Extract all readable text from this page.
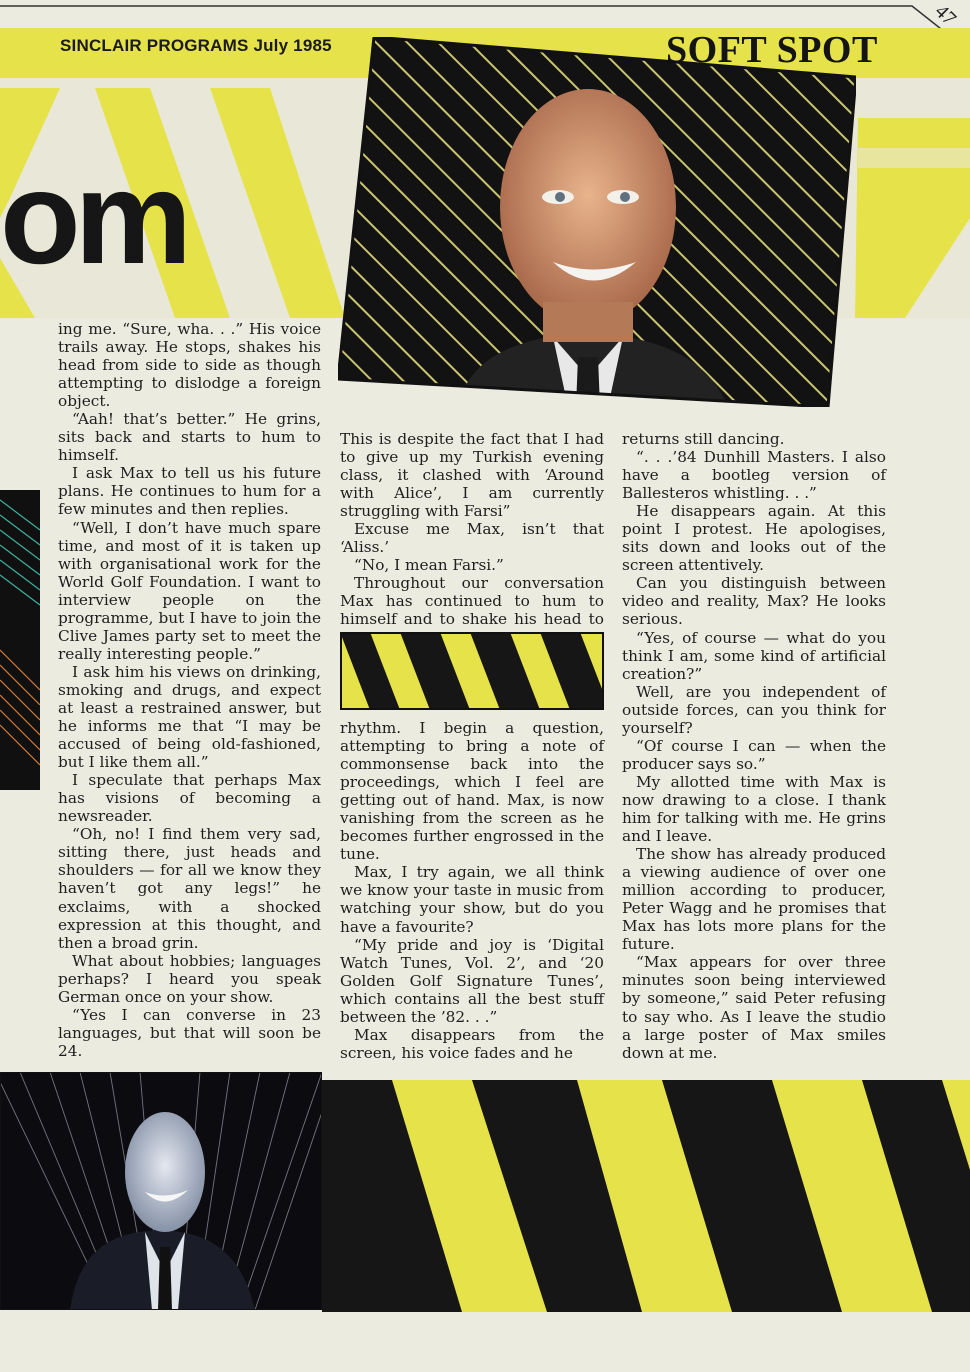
om
SINCLAIR PROGRAMS July 1985	SOFT SPOT
47

ing me. “Sure, wha. . .” His voice trails away. He stops, shakes his head from side to side as though attempting to dislodge a foreign object.

“Aah! that’s better.” He grins, sits back and starts to hum to himself.

I ask Max to tell us his future plans. He continues to hum for a few minutes and then replies.

“Well, I don’t have much spare time, and most of it is taken up with organisational work for the World Golf Foundation. I want to interview people on the programme, but I have to join the Clive James party set to meet the really interesting people.”

I ask him his views on drinking, smoking and drugs, and expect at least a restrained answer, but he informs me that “I may be accused of being old-fashioned, but I like them all.”

I speculate that perhaps Max has visions of becoming a newsreader.

“Oh, no! I find them very sad, sitting there, just heads and shoulders — for all we know they haven’t got any legs!” he exclaims, with a shocked expression at this thought, and then a broad grin.

What about hobbies; languages perhaps? I heard you speak German once on your show.

“Yes I can converse in 23 languages, but that will soon be 24.

This is despite the fact that I had to give up my Turkish evening class, it clashed with ‘Around with Alice’, I am currently struggling with Farsi”

Excuse me Max, isn’t that ‘Aliss.’

“No, I mean Farsi.”

Throughout our conversation Max has continued to hum to himself and to shake his head to

rhythm. I begin a question, attempting to bring a note of commonsense back into the proceedings, which I feel are getting out of hand. Max, is now vanishing from the screen as he becomes further engrossed in the tune.

Max, I try again, we all think we know your taste in music from watching your show, but do you have a favourite?

“My pride and joy is ‘Digital Watch Tunes, Vol. 2’, and ‘20 Golden Golf Signature Tunes’, which contains all the best stuff between the ’82. . .”

Max disappears from the screen, his voice fades and he

returns still dancing.

“. . .’84 Dunhill Masters. I also have a bootleg version of Ballesteros whistling. . .”

He disappears again. At this point I protest. He apologises, sits down and looks out of the screen attentively.

Can you distinguish between video and reality, Max? He looks serious.

“Yes, of course — what do you think I am, some kind of artificial creation?”

Well, are you independent of outside forces, can you think for yourself?

“Of course I can — when the producer says so.”

My allotted time with Max is now drawing to a close. I thank him for talking with me. He grins and I leave.

The show has already produced a viewing audience of over one million according to producer, Peter Wagg and he promises that Max has lots more plans for the future.

“Max appears for over three minutes soon being interviewed by someone,” said Peter refusing to say who. As I leave the studio a large poster of Max smiles down at me.
